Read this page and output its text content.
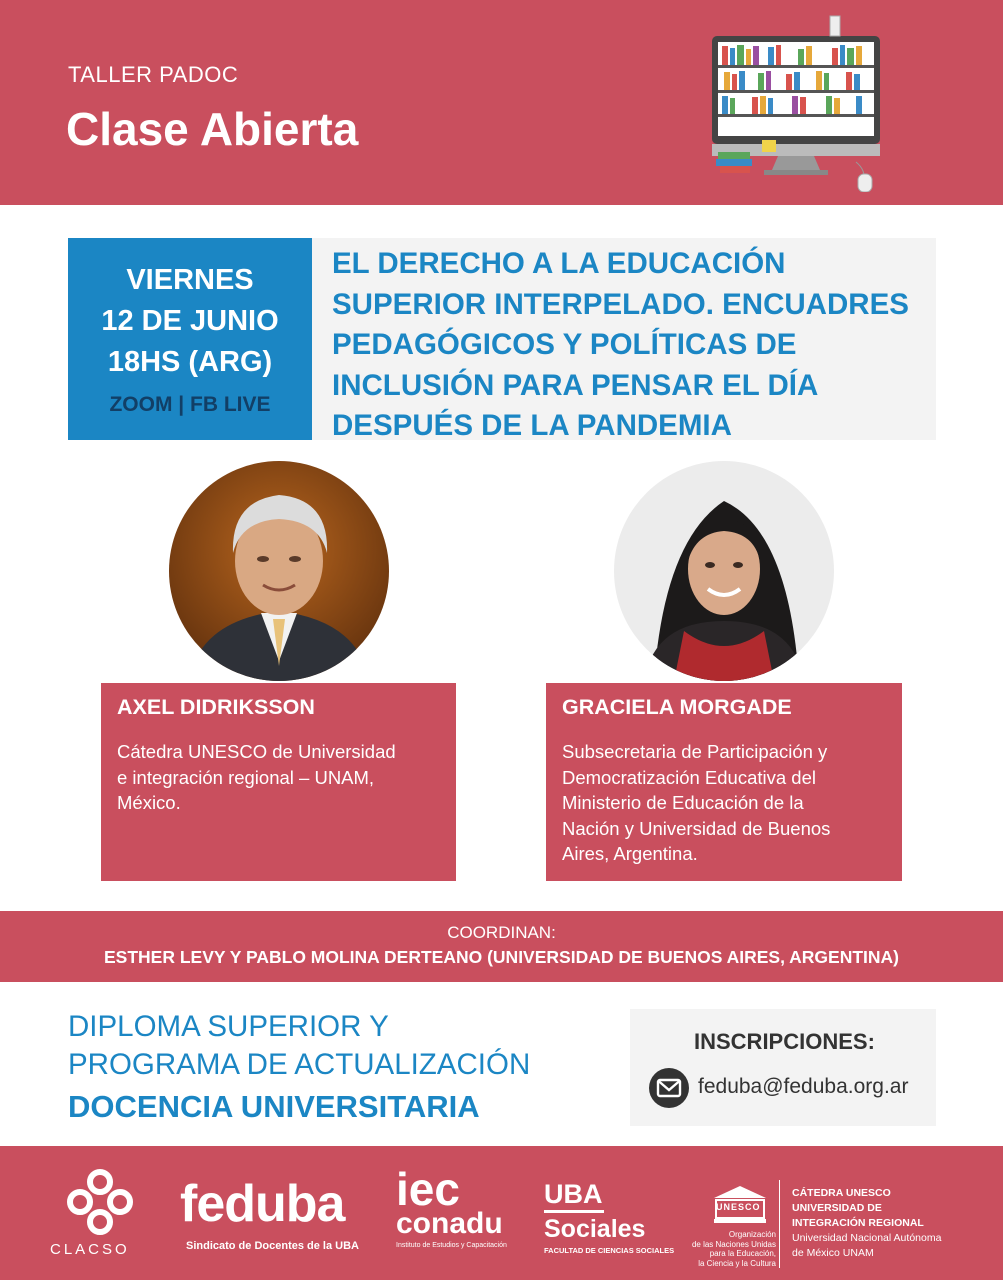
TALLER PADOC
Clase Abierta
VIERNES
12 DE JUNIO
18HS (ARG)
ZOOM | FB LIVE
EL DERECHO A LA EDUCACIÓN
SUPERIOR INTERPELADO. ENCUADRES
PEDAGÓGICOS Y POLÍTICAS DE
INCLUSIÓN PARA PENSAR EL DÍA
DESPUÉS DE LA PANDEMIA
AXEL DIDRIKSSON
Cátedra UNESCO de Universidad
e integración regional – UNAM,
México.
GRACIELA MORGADE
Subsecretaria de Participación y
Democratización Educativa del
Ministerio de Educación de la
Nación y Universidad de Buenos
Aires, Argentina.
COORDINAN:
ESTHER LEVY Y PABLO MOLINA DERTEANO (UNIVERSIDAD DE BUENOS AIRES, ARGENTINA)
DIPLOMA SUPERIOR Y
PROGRAMA DE ACTUALIZACIÓN
DOCENCIA UNIVERSITARIA
INSCRIPCIONES:
feduba@feduba.org.ar
CLACSO
feduba
Sindicato de Docentes de la UBA
iec
conadu
Instituto de Estudios y Capacitación
UBA
Sociales
FACULTAD DE CIENCIAS SOCIALES
UNESCO
Organización
de las Naciones Unidas
para la Educación,
la Ciencia y la Cultura
CÁTEDRA UNESCO
UNIVERSIDAD DE
INTEGRACIÓN REGIONAL
Universidad Nacional Autónoma
de México UNAM
